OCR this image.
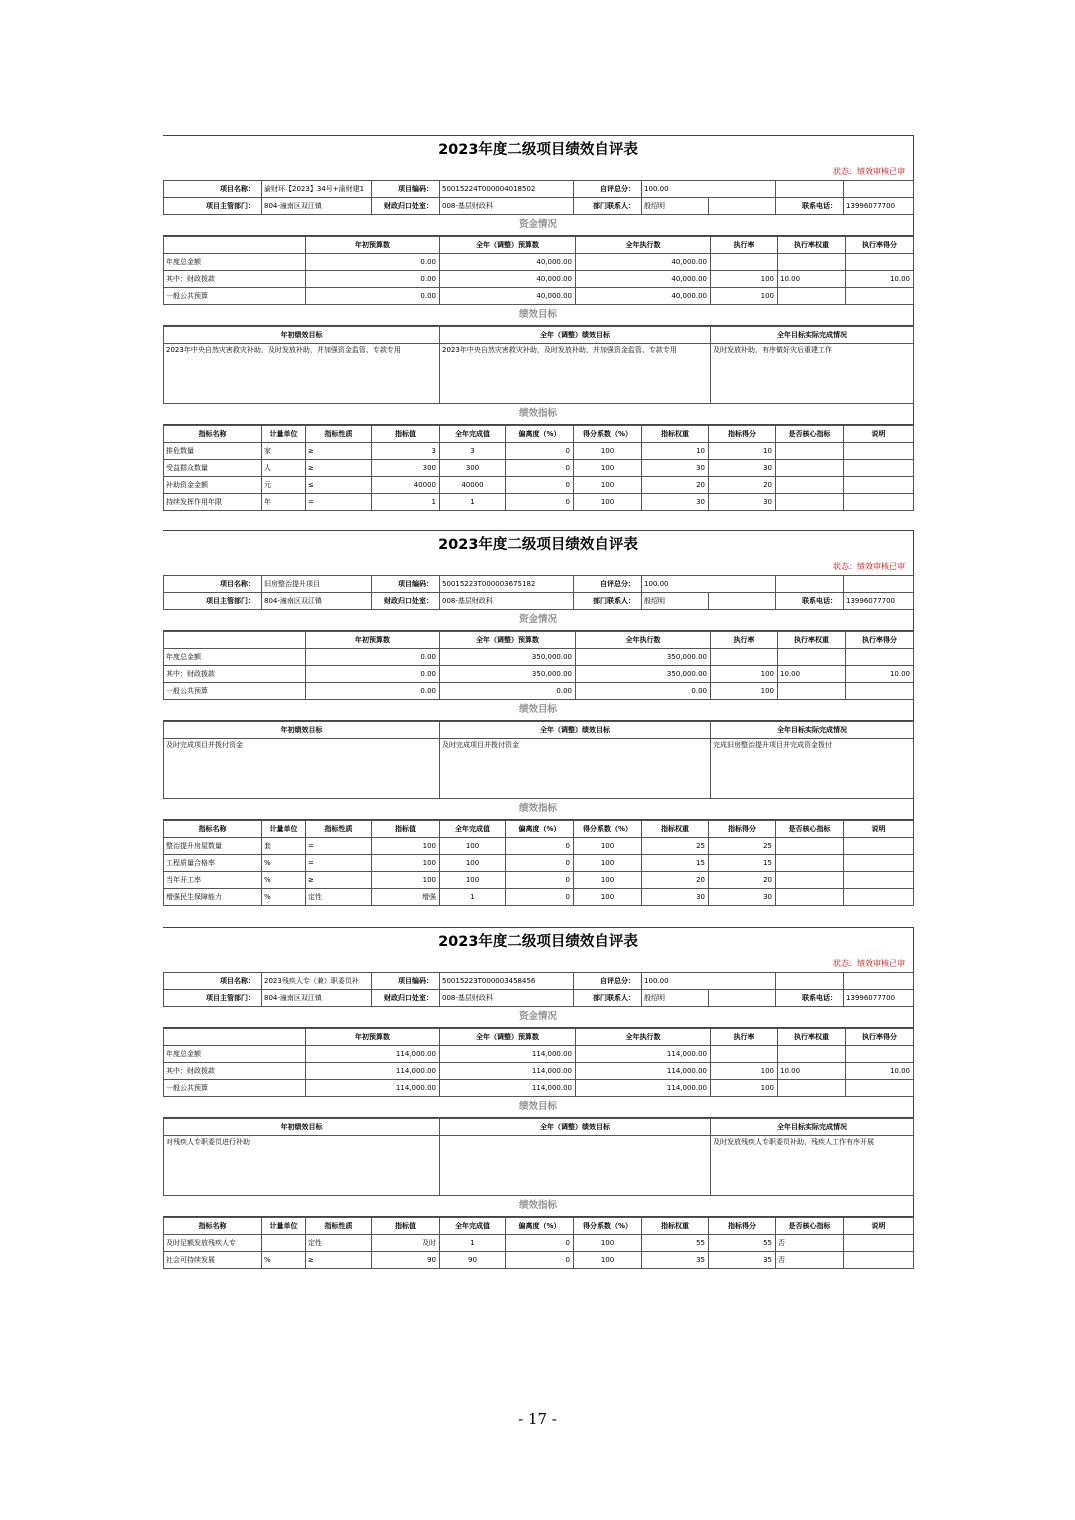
2023年度二级项目绩效自评表
状态：绩效审核已审
项目名称：	渝财环【2023】34号+渝财建1	项目编码：	50015224T000004018502	自评总分：	100.00			
项目主管部门：	804-潼南区双江镇	财政归口处室：	008-基层财政科	部门联系人：	殷绍明		联系电话：	13996077700
资金情况
	年初预算数	全年（调整）预算数	全年执行数	执行率	执行率权重	执行率得分
年度总金额	0.00	40,000.00	40,000.00			
其中：财政拨款	0.00	40,000.00	40,000.00	100	10.00	10.00
一般公共预算	0.00	40,000.00	40,000.00	100		
绩效目标
年初绩效目标	全年（调整）绩效目标	全年目标实际完成情况
2023年中央自然灾害救灾补助，及时发放补助，并加强资金监管、专款专用	2023年中央自然灾害救灾补助，及时发放补助，并加强资金监管、专款专用	及时发放补助，有序做好灾后重建工作
绩效指标
指标名称	计量单位	指标性质	指标值	全年完成值	偏离度（%）	得分系数（%）	指标权重	指标得分	是否核心指标	说明
排危数量	家	≥	3	3	0	100	10	10		
受益群众数量	人	≥	300	300	0	100	30	30		
补助资金金额	元	≤	40000	40000	0	100	20	20		
持续发挥作用年限	年	=	1	1	0	100	30	30		
2023年度二级项目绩效自评表
状态：绩效审核已审
项目名称：	旧房整治提升项目	项目编码：	50015223T000003675182	自评总分：	100.00			
项目主管部门：	804-潼南区双江镇	财政归口处室：	008-基层财政科	部门联系人：	殷绍明		联系电话：	13996077700
资金情况
	年初预算数	全年（调整）预算数	全年执行数	执行率	执行率权重	执行率得分
年度总金额	0.00	350,000.00	350,000.00			
其中：财政拨款	0.00	350,000.00	350,000.00	100	10.00	10.00
一般公共预算	0.00	0.00	0.00	100		
绩效目标
年初绩效目标	全年（调整）绩效目标	全年目标实际完成情况
及时完成项目并拨付资金	及时完成项目并拨付资金	完成旧房整治提升项目并完成资金拨付
绩效指标
指标名称	计量单位	指标性质	指标值	全年完成值	偏离度（%）	得分系数（%）	指标权重	指标得分	是否核心指标	说明
整治提升房屋数量	套	=	100	100	0	100	25	25		
工程质量合格率	%	=	100	100	0	100	15	15		
当年开工率	%	≥	100	100	0	100	20	20		
增强民生保障能力	%	定性	增强	1	0	100	30	30		
2023年度二级项目绩效自评表
状态：绩效审核已审
项目名称：	2023残疾人专（兼）职委员补	项目编码：	50015223T000003458456	自评总分：	100.00			
项目主管部门：	804-潼南区双江镇	财政归口处室：	008-基层财政科	部门联系人：	殷绍明		联系电话：	13996077700
资金情况
	年初预算数	全年（调整）预算数	全年执行数	执行率	执行率权重	执行率得分
年度总金额	114,000.00	114,000.00	114,000.00			
其中：财政拨款	114,000.00	114,000.00	114,000.00	100	10.00	10.00
一般公共预算	114,000.00	114,000.00	114,000.00	100		
绩效目标
年初绩效目标	全年（调整）绩效目标	全年目标实际完成情况
对残疾人专职委员进行补助		及时发放残疾人专职委员补助，残疾人工作有序开展
绩效指标
指标名称	计量单位	指标性质	指标值	全年完成值	偏离度（%）	得分系数（%）	指标权重	指标得分	是否核心指标	说明
及时足额发放残疾人专		定性	及时	1	0	100	55	55	否	
社会可持续发展	%	≥	90	90	0	100	35	35	否	
- 17 -
